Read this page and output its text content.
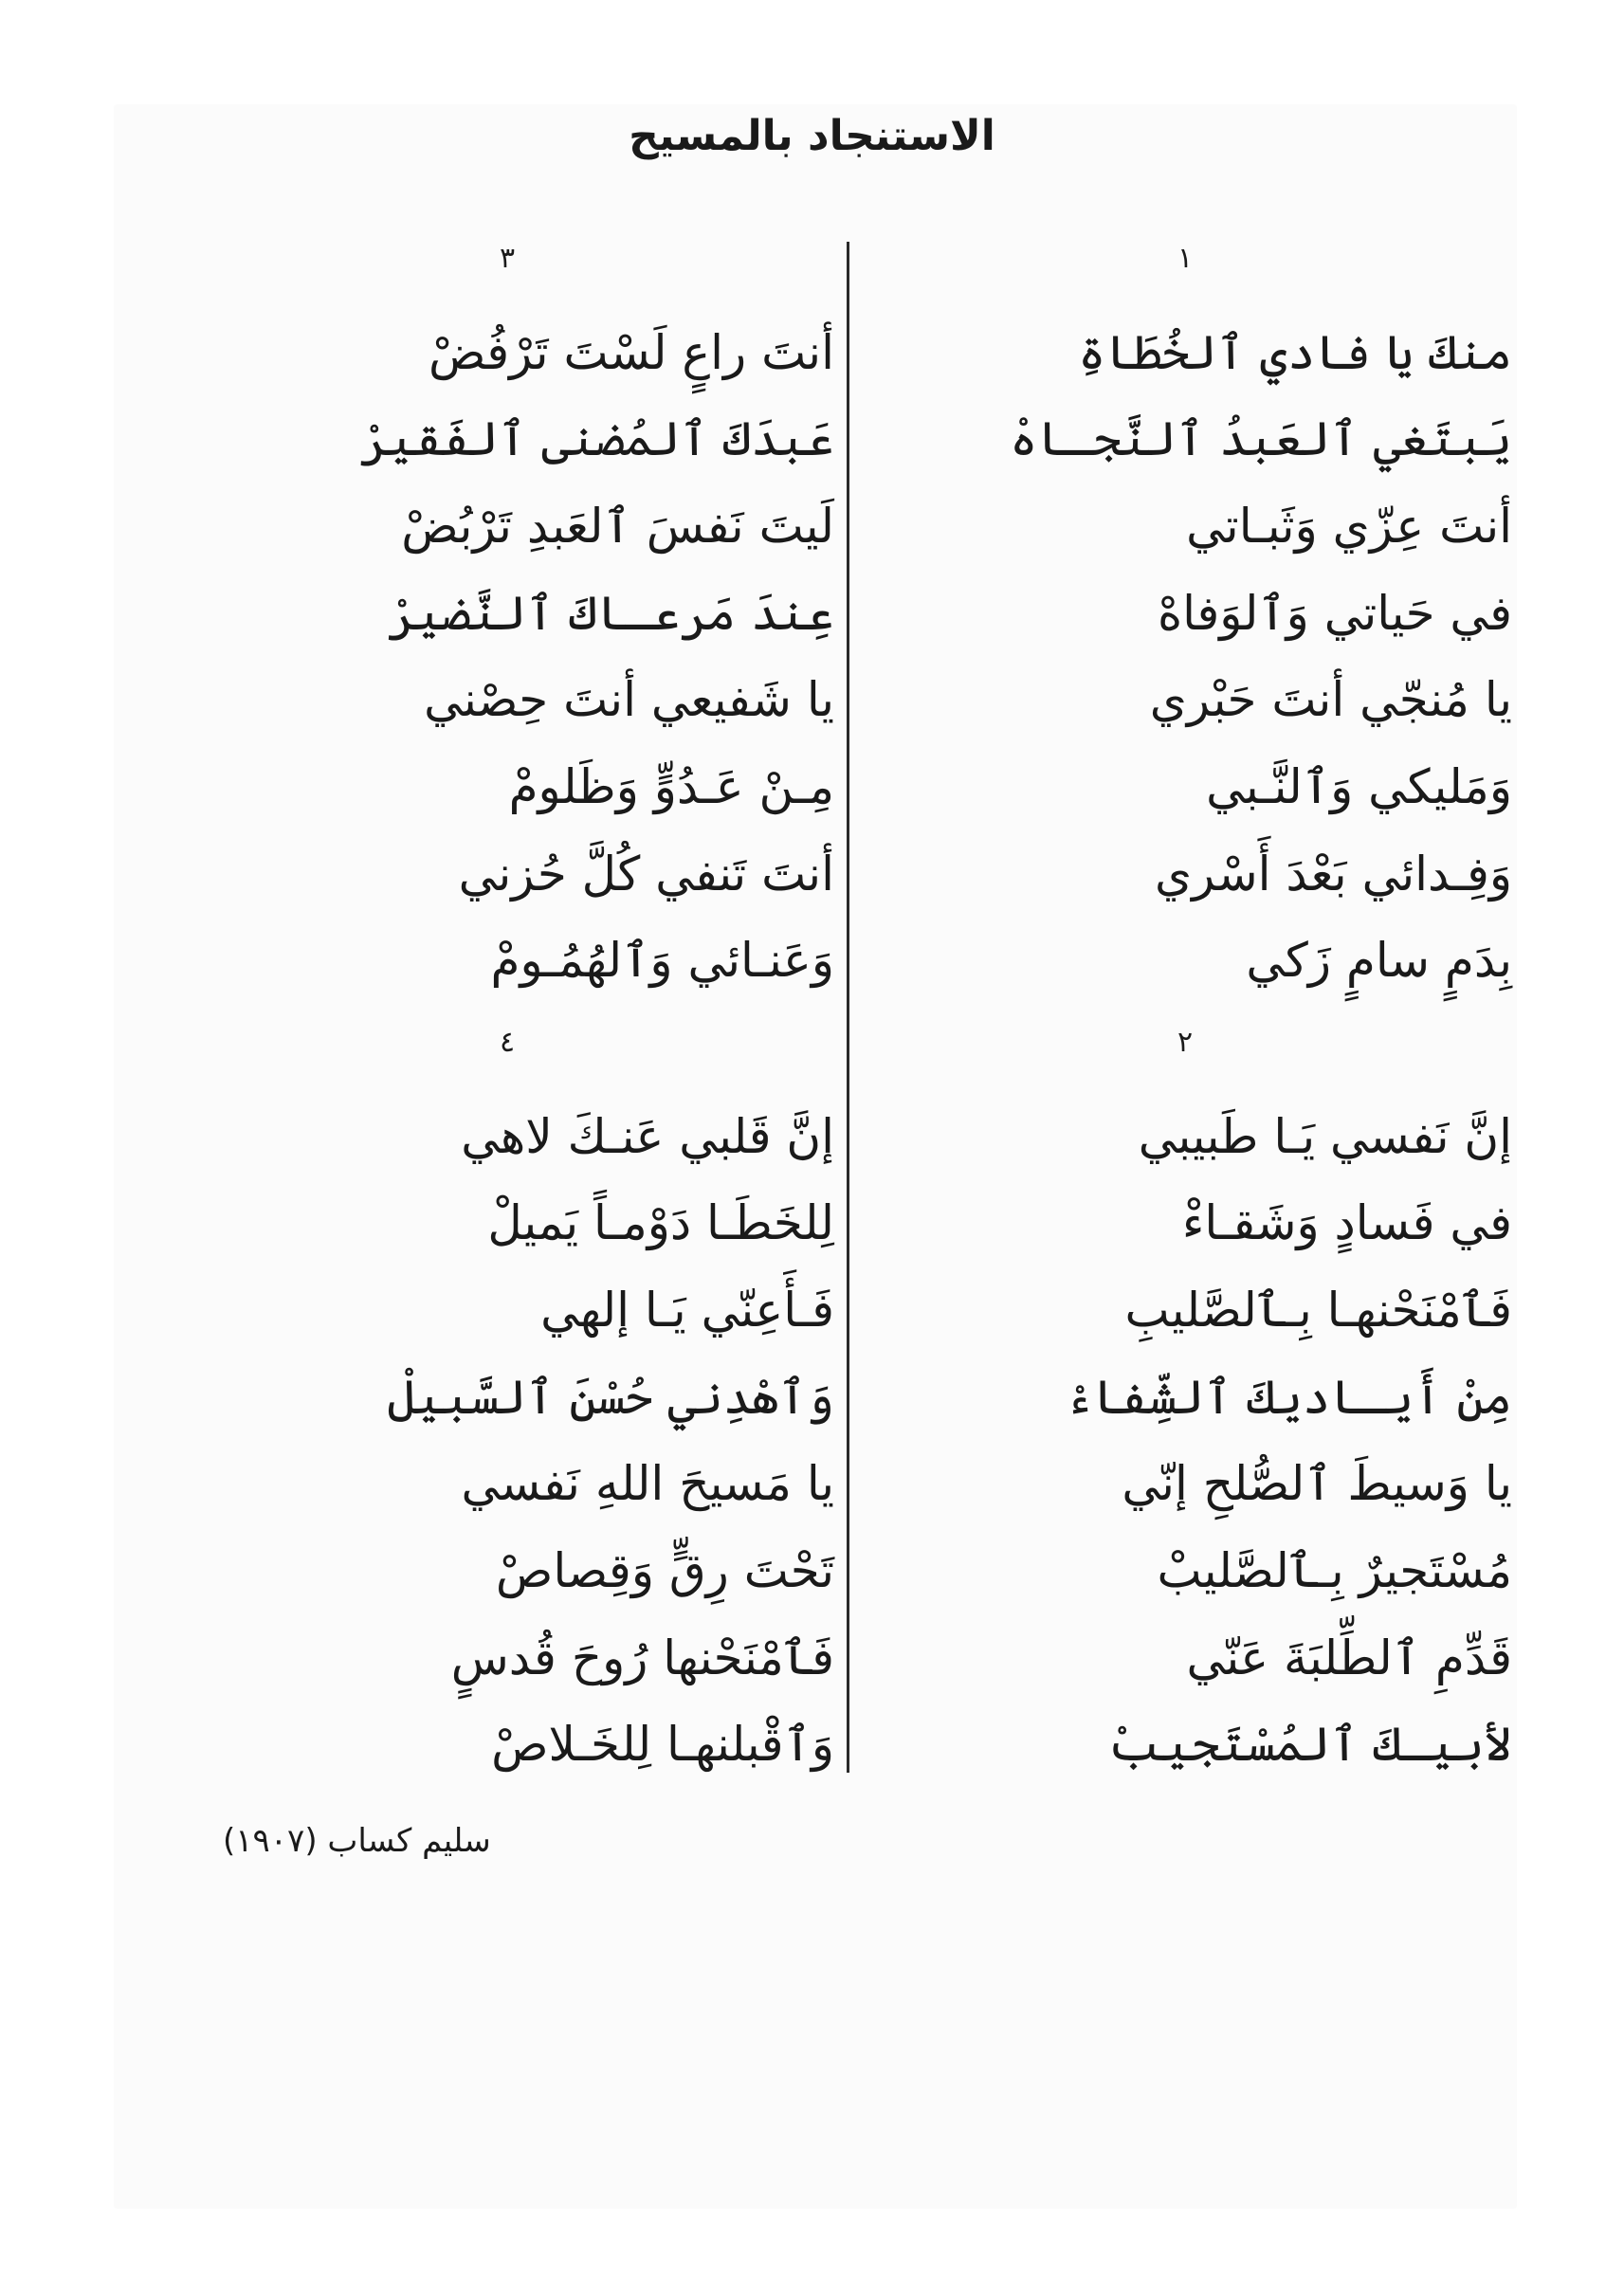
الاستنجاد بالمسيح
١
منكَ يا فادي ٱلخُطَاةِ
يَبتَغي ٱلعَبدُ ٱلنَّجـاهْ
أنتَ عِزّي وَثَبـاتي
في حَياتي وَٱلوَفاهْ
يا مُنجّي أنتَ حَبْري
وَمَليكي وَٱلنَّـبي
وَفِـدائي بَعْدَ أَسْري
بِدَمٍ سامٍ زَكي
٢
إنَّ نَفسي يَـا طَبيبي
في فَسادٍ وَشَقـاءْ
فَٱمْنَحْنهـا بِـٱلصَّليبِ
مِنْ أَيـاديكَ ٱلشِّفاءْ
يا وَسيطَ ٱلصُّلحِ إنّي
مُسْتَجيرٌ بِـٱلصَّليبْ
قَدِّمِ ٱلطِّلبَةَ عَنّي
لأبيـكَ ٱلمُسْتَجيبْ
٣
أنتَ راعٍ لَسْتَ تَرْفُضْ
عَبدَكَ ٱلمُضنى ٱلفَقيرْ
لَيتَ نَفسَ ٱلعَبدِ تَرْبُضْ
عِندَ مَرعـاكَ ٱلنَّضيرْ
يا شَفيعي أنتَ حِصْني
مِـنْ عَـدُوٍّ وَظَلومْ
أنتَ تَنفي كُلَّ حُزني
وَعَنـائي وَٱلهُمُـومْ
٤
إنَّ قَلبي عَنـكَ لاهي
لِلخَطَـا دَوْمـاً يَميلْ
فَـأَعِنّي يَـا إلهي
وَٱهْدِني حُسْنَ ٱلسَّبيلْ
يا مَسيحَ اللهِ نَفسي
تَحْتَ رِقٍّ وَقِصاصْ
فَٱمْنَحْنها رُوحَ قُدسٍ
وَٱقْبلنهـا لِلخَـلاصْ
سليم كساب (١٩٠٧)
